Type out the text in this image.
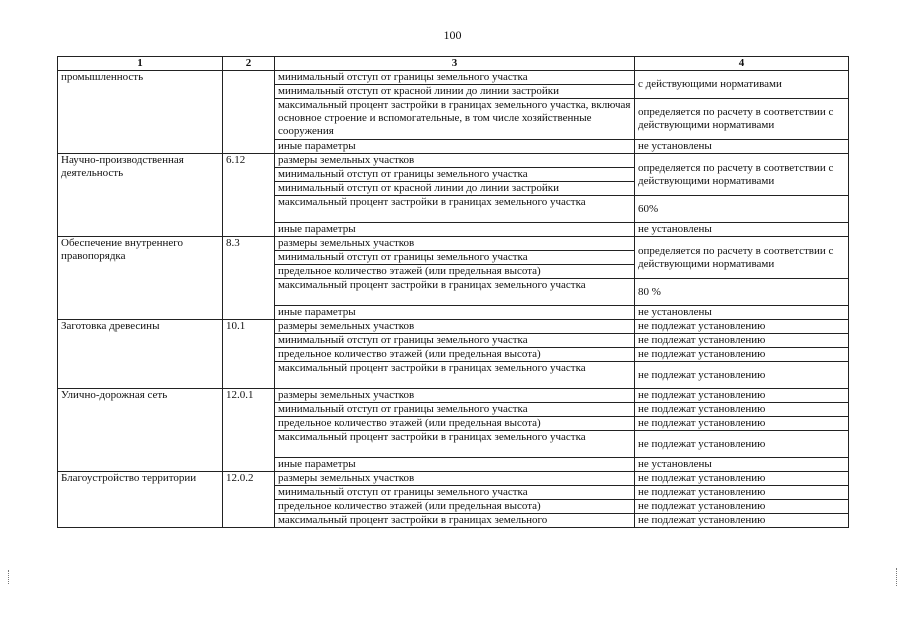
100
1	2	3	4
промышленность		минимальный отступ от границы земельного участка	с действующими нормативами
		минимальный отступ от красной линии до линии застройки	
		максимальный процент застройки в границах земельного участка, включая основное строение и вспомогательные, в том числе хозяйственные сооружения	определяется по расчету в соответствии с действующими нормативами
		иные параметры	не установлены
Научно-производственная деятельность	6.12	размеры земельных участков	определяется по расчету в соответствии с действующими нормативами
		минимальный отступ от границы земельного участка	
		минимальный отступ от красной линии до линии застройки	
		максимальный процент застройки в границах земельного участка	60%
		иные параметры	не установлены
Обеспечение внутреннего правопорядка	8.3	размеры земельных участков	определяется по расчету в соответствии с действующими нормативами
		минимальный отступ от границы земельного участка	
		предельное количество этажей (или предельная высота)	
		максимальный процент застройки в границах земельного участка	80 %
		иные параметры	не установлены
Заготовка древесины	10.1	размеры земельных участков	не подлежат установлению
		минимальный отступ от границы земельного участка	не подлежат установлению
		предельное количество этажей (или предельная высота)	не подлежат установлению
		максимальный процент застройки в границах земельного участка	не подлежат установлению
Улично-дорожная сеть	12.0.1	размеры земельных участков	не подлежат установлению
		минимальный отступ от границы земельного участка	не подлежат установлению
		предельное количество этажей (или предельная высота)	не подлежат установлению
		максимальный процент застройки в границах земельного участка	не подлежат установлению
		иные параметры	не установлены
Благоустройство территории	12.0.2	размеры земельных участков	не подлежат установлению
		минимальный отступ от границы земельного участка	не подлежат установлению
		предельное количество этажей (или предельная высота)	не подлежат установлению
		максимальный процент застройки в границах земельного	не подлежат установлению
